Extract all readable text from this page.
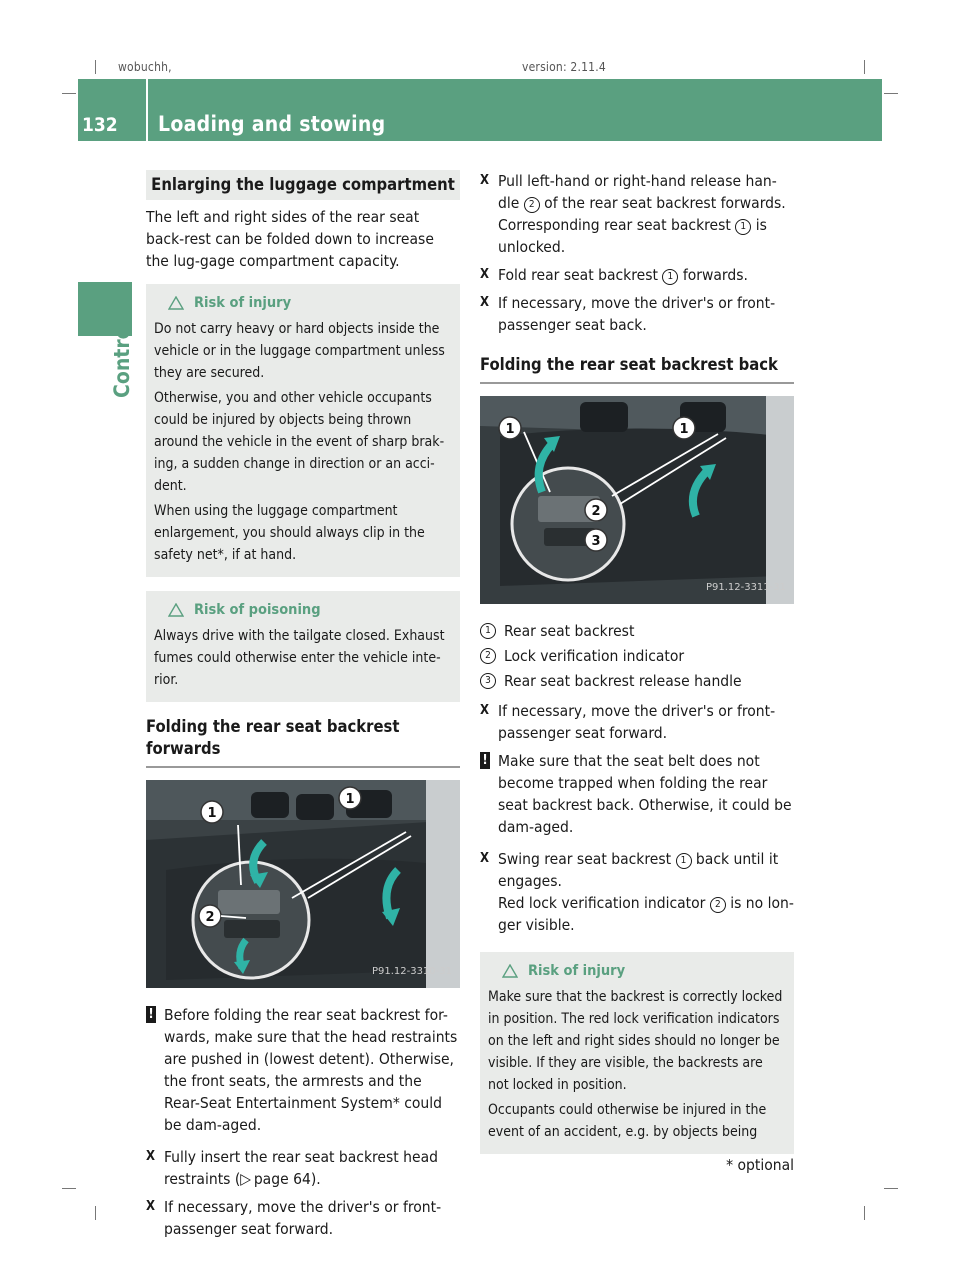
wobuchh,	version: 2.11.4
132 Loading and stowing
Controls
Enlarging the luggage compartment

The left and right sides of the rear seat back-rest can be folded down to increase the lug-gage compartment capacity.

Risk of injury

Do not carry heavy or hard objects inside the vehicle or in the luggage compartment unless they are secured.

Otherwise, you and other vehicle occupants could be injured by objects being thrown around the vehicle in the event of sharp brak-ing, a sudden change in direction or an acci-dent.

When using the luggage compartment enlargement, you should always clip in the safety net*, if at hand.

Risk of poisoning

Always drive with the tailgate closed. Exhaust fumes could otherwise enter the vehicle inte-rior.

Folding the rear seat backrest forwards
1
1
2
P91.12-3310-31
! Before folding the rear seat backrest for-wards, make sure that the head restraints are pushed in (lowest detent). Otherwise, the front seats, the armrests and the Rear-Seat Entertainment System* could be dam-aged.
X Fully insert the rear seat backrest head restraints (▷  page 64).
X If necessary, move the driver's or front-passenger seat forward.
X Pull left-hand or right-hand release han-dle 2 of the rear seat backrest forwards. Corresponding rear seat backrest 1 is unlocked.
X Fold rear seat backrest 1 forwards.
X If necessary, move the driver's or front-passenger seat back.
Folding the rear seat backrest back
1	1
2
3
P91.12-3311-31
1 Rear seat backrest
2 Lock verification indicator
3 Rear seat backrest release handle
X If necessary, move the driver's or front-passenger seat forward.
! Make sure that the seat belt does not become trapped when folding the rear seat backrest back. Otherwise, it could be dam-aged.
X Swing rear seat backrest 1 back until it engages.
Red lock verification indicator 2 is no lon-ger visible.
Risk of injury

Make sure that the backrest is correctly locked in position. The red lock verification indicators on the left and right sides should no longer be visible. If they are visible, the backrests are not locked in position.

Occupants could otherwise be injured in the event of an accident, e.g. by objects being

* optional
